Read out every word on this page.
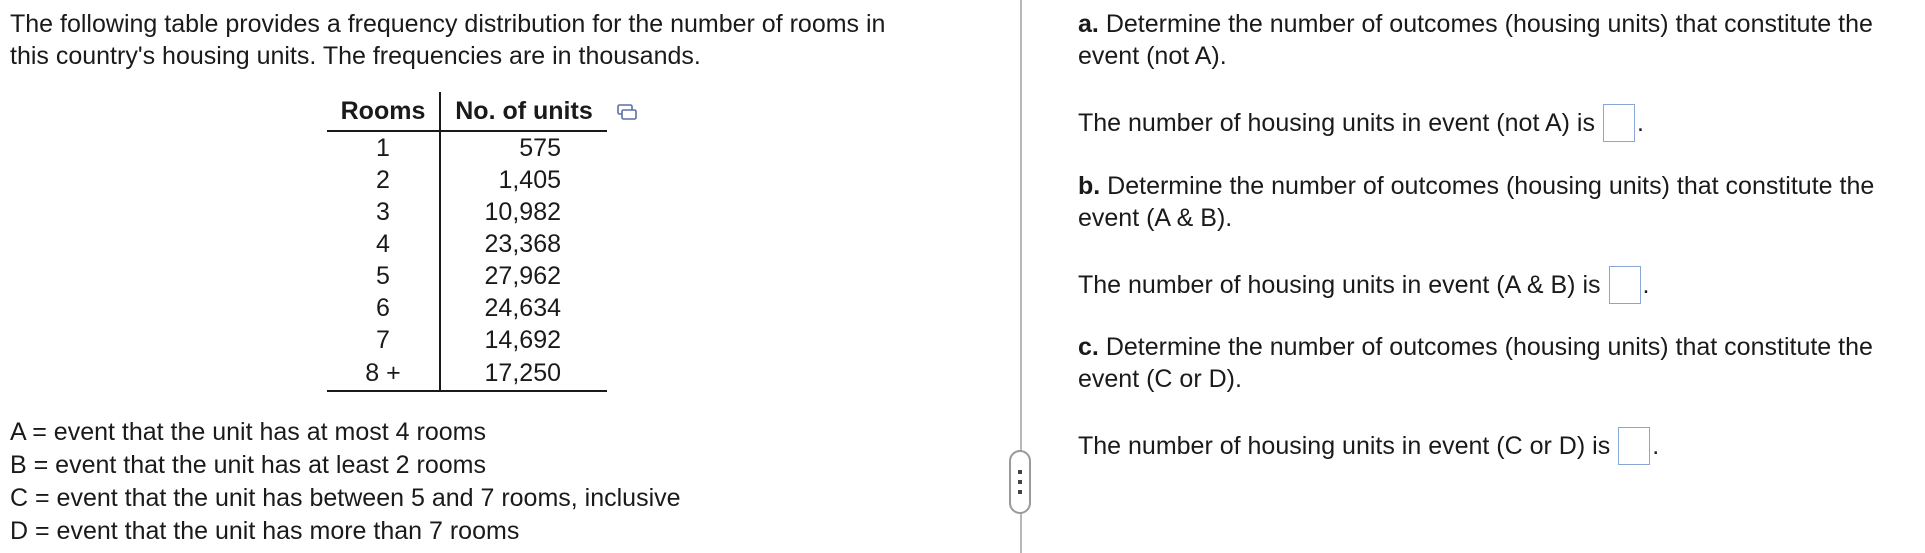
The following table provides a frequency distribution for the number of rooms in

this country's housing units. The frequencies are in thousands.

Rooms	No. of units
1	575
2	1,405
3	10,982
4	23,368
5	27,962
6	24,634
7	14,692
8 +	17,250
A = event that the unit has at most 4 rooms
B = event that the unit has at least 2 rooms
C = event that the unit has between 5 and 7 rooms, inclusive
D = event that the unit has more than 7 rooms
a. Determine the number of outcomes (housing units) that constitute the
event (not A).
The number of housing units in event (not A) is .
b. Determine the number of outcomes (housing units) that constitute the
event (A & B).
The number of housing units in event (A & B) is .
c. Determine the number of outcomes (housing units) that constitute the
event (C or D).
The number of housing units in event (C or D) is .
